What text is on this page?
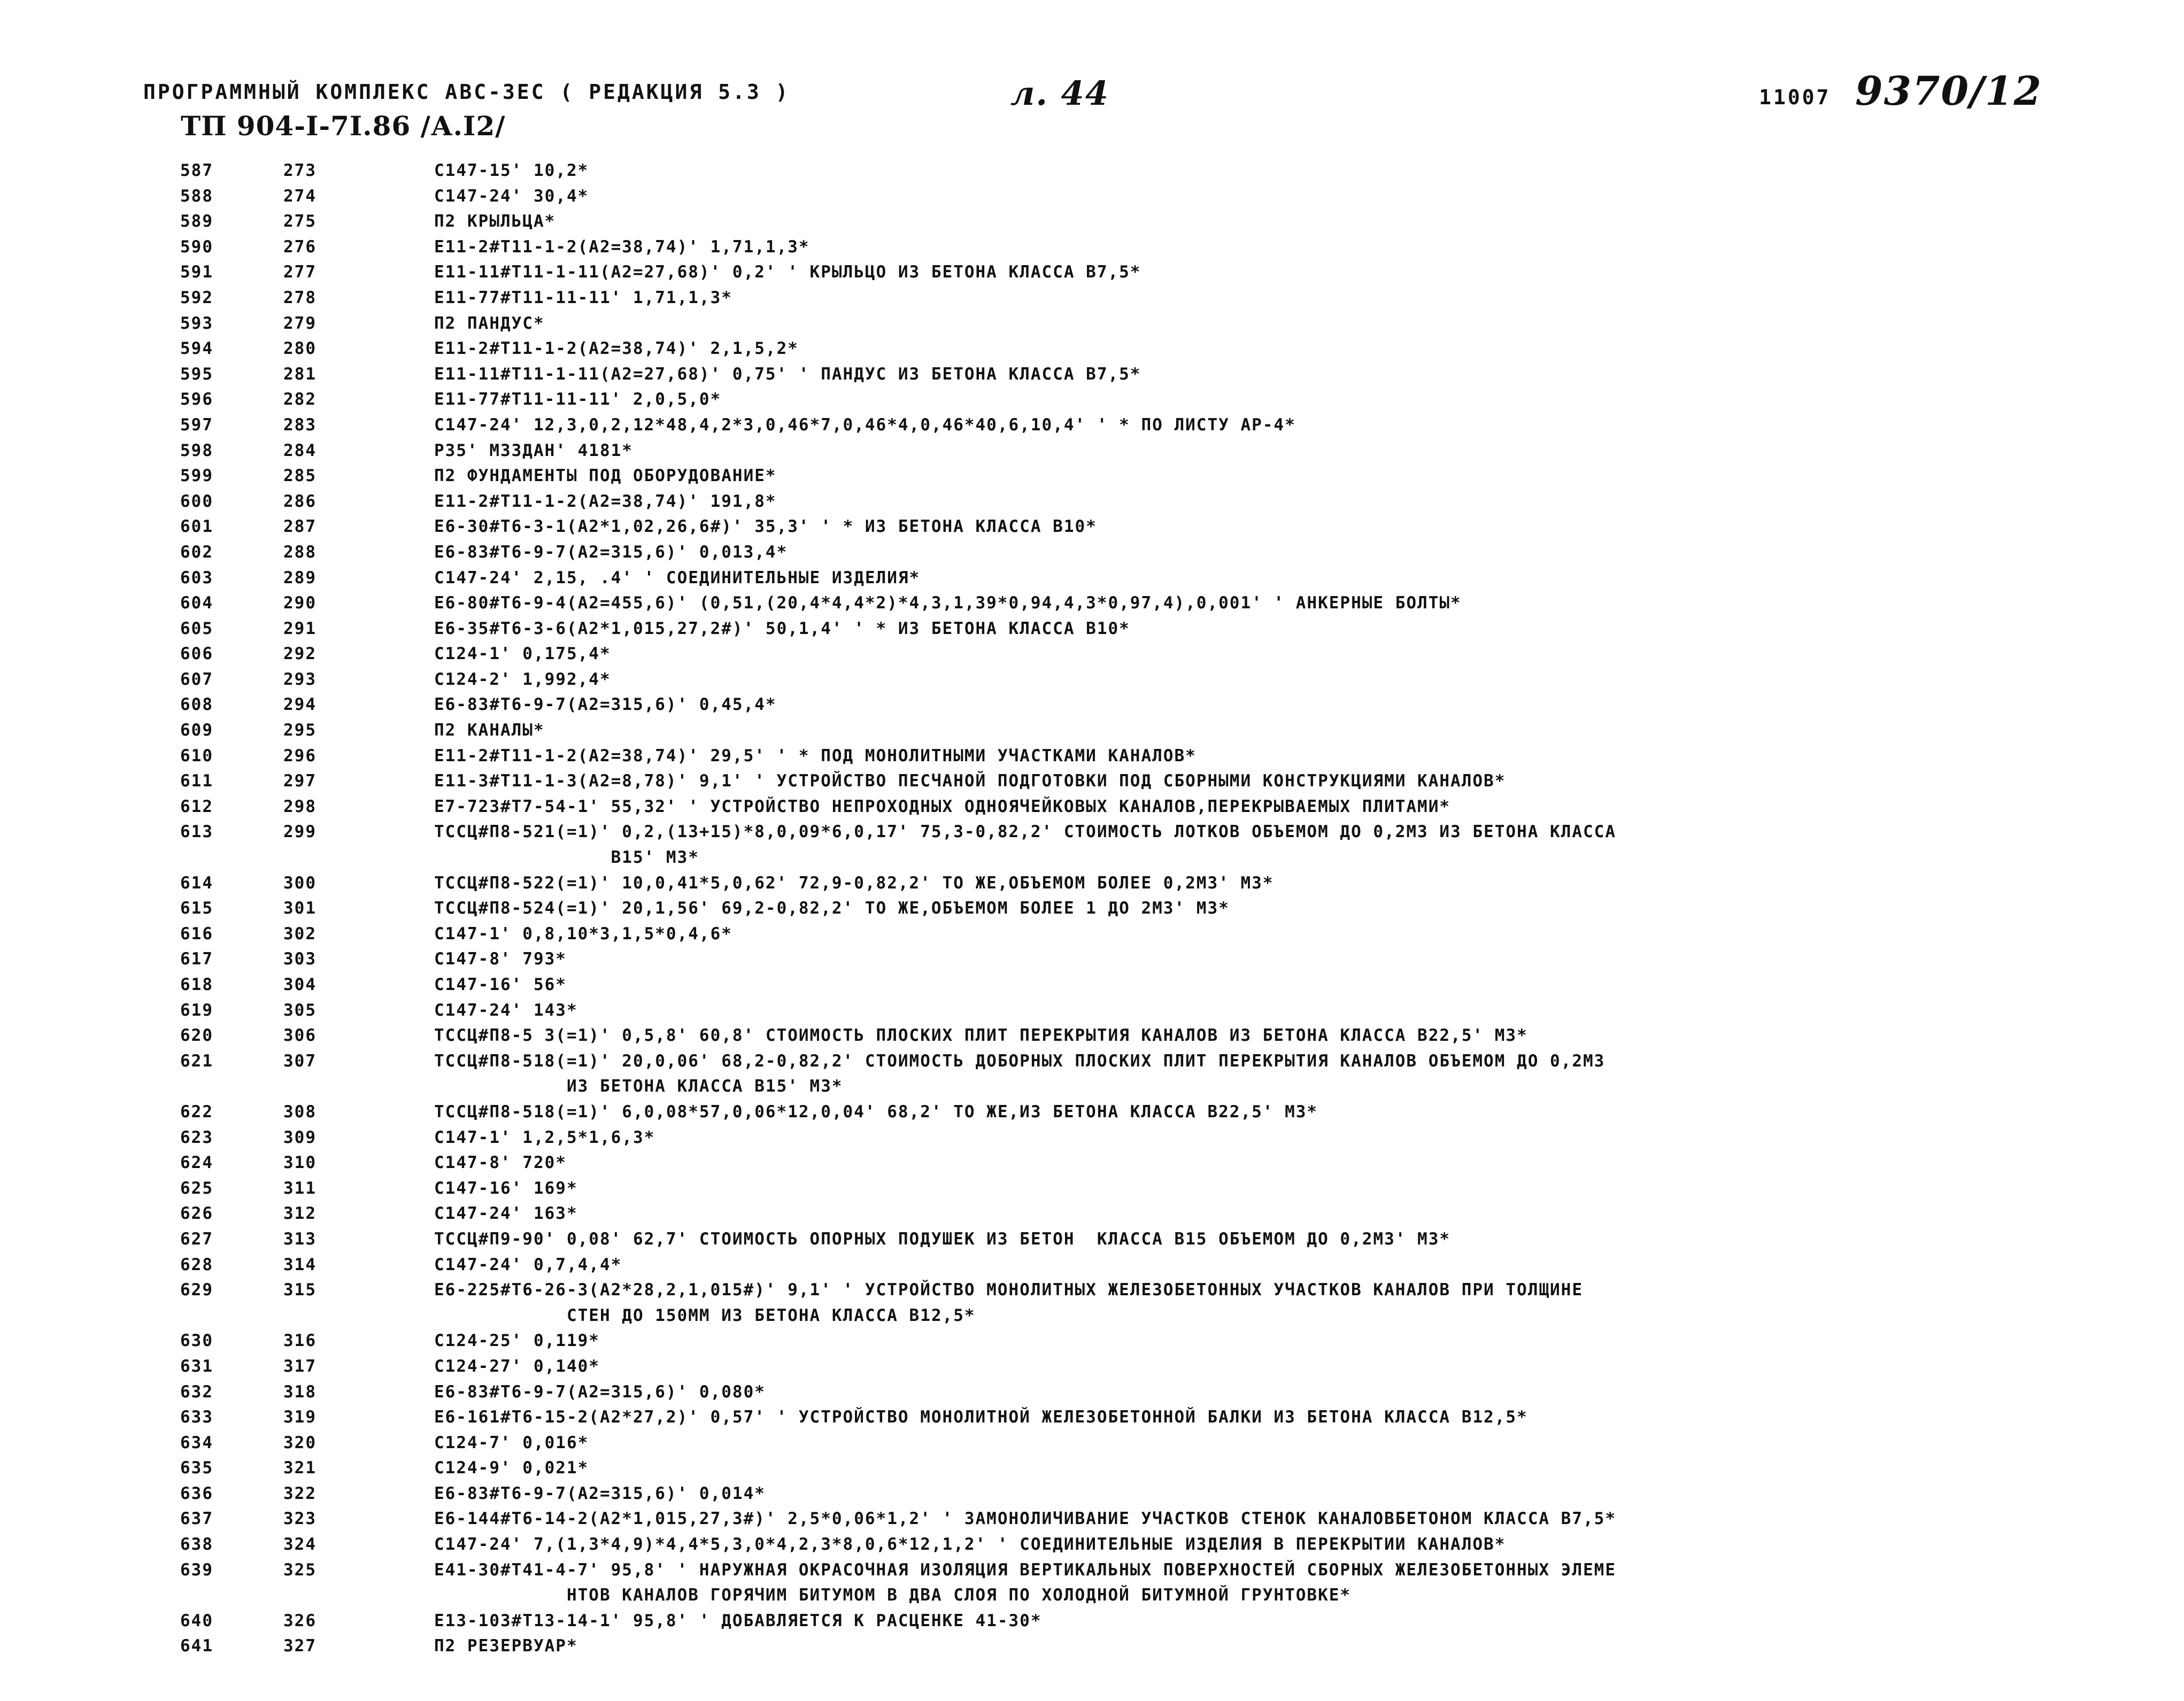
ПРОГРАММНЫЙ КОМПЛЕКС АВС-ЗЕС ( РЕДАКЦИЯ 5.3 )	л. 44	11007 9370/12
ТП 904-I-7I.86 /А.I2/
587	273	С147-15' 10,2*
588	274	С147-24' 30,4*
589	275	П2 КРЫЛЬЦА*
590	276	Е11-2#Т11-1-2(А2=38,74)' 1,71,1,3*
591	277	Е11-11#Т11-1-11(А2=27,68)' 0,2' ' КРЫЛЬЦО ИЗ БЕТОНА КЛАССА В7,5*
592	278	Е11-77#Т11-11-11' 1,71,1,3*
593	279	П2 ПАНДУС*
594	280	Е11-2#Т11-1-2(А2=38,74)' 2,1,5,2*
595	281	Е11-11#Т11-1-11(А2=27,68)' 0,75' ' ПАНДУС ИЗ БЕТОНА КЛАССА В7,5*
596	282	Е11-77#Т11-11-11' 2,0,5,0*
597	283	С147-24' 12,3,0,2,12*48,4,2*3,0,46*7,0,46*4,0,46*40,6,10,4' ' * ПО ЛИСТУ АР-4*
598	284	Р35' МЗЗДАН' 4181*
599	285	П2 ФУНДАМЕНТЫ ПОД ОБОРУДОВАНИЕ*
600	286	Е11-2#Т11-1-2(А2=38,74)' 191,8*
601	287	Е6-30#Т6-3-1(А2*1,02,26,6#)' 35,3' ' * ИЗ БЕТОНА КЛАССА В10*
602	288	Е6-83#Т6-9-7(А2=315,6)' 0,013,4*
603	289	С147-24' 2,15, .4' ' СОЕДИНИТЕЛЬНЫЕ ИЗДЕЛИЯ*
604	290	Е6-80#Т6-9-4(А2=455,6)' (0,51,(20,4*4,4*2)*4,3,1,39*0,94,4,3*0,97,4),0,001' ' АНКЕРНЫЕ БОЛТЫ*
605	291	Е6-35#Т6-3-6(А2*1,015,27,2#)' 50,1,4' ' * ИЗ БЕТОНА КЛАССА В10*
606	292	С124-1' 0,175,4*
607	293	С124-2' 1,992,4*
608	294	Е6-83#Т6-9-7(А2=315,6)' 0,45,4*
609	295	П2 КАНАЛЫ*
610	296	Е11-2#Т11-1-2(А2=38,74)' 29,5' ' * ПОД МОНОЛИТНЫМИ УЧАСТКАМИ КАНАЛОВ*
611	297	Е11-3#Т11-1-3(А2=8,78)' 9,1' ' УСТРОЙСТВО ПЕСЧАНОЙ ПОДГОТОВКИ ПОД СБОРНЫМИ КОНСТРУКЦИЯМИ КАНАЛОВ*
612	298	Е7-723#Т7-54-1' 55,32' ' УСТРОЙСТВО НЕПРОХОДНЫХ ОДНОЯЧЕЙКОВЫХ КАНАЛОВ,ПЕРЕКРЫВАЕМЫХ ПЛИТАМИ*
613	299	ТССЦ#П8-521(=1)' 0,2,(13+15)*8,0,09*6,0,17' 75,3-0,82,2' СТОИМОСТЬ ЛОТКОВ ОБЪЕМОМ ДО 0,2М3 ИЗ БЕТОНА КЛАССА
В15' М3*
614	300	ТССЦ#П8-522(=1)' 10,0,41*5,0,62' 72,9-0,82,2' ТО ЖЕ,ОБЪЕМОМ БОЛЕЕ 0,2М3' М3*
615	301	ТССЦ#П8-524(=1)' 20,1,56' 69,2-0,82,2' ТО ЖЕ,ОБЪЕМОМ БОЛЕЕ 1 ДО 2М3' М3*
616	302	С147-1' 0,8,10*3,1,5*0,4,6*
617	303	С147-8' 793*
618	304	С147-16' 56*
619	305	С147-24' 143*
620	306	ТССЦ#П8-5 3(=1)' 0,5,8' 60,8' СТОИМОСТЬ ПЛОСКИХ ПЛИТ ПЕРЕКРЫТИЯ КАНАЛОВ ИЗ БЕТОНА КЛАССА В22,5' М3*
621	307	ТССЦ#П8-518(=1)' 20,0,06' 68,2-0,82,2' СТОИМОСТЬ ДОБОРНЫХ ПЛОСКИХ ПЛИТ ПЕРЕКРЫТИЯ КАНАЛОВ ОБЪЕМОМ ДО 0,2М3
ИЗ БЕТОНА КЛАССА В15' М3*
622	308	ТССЦ#П8-518(=1)' 6,0,08*57,0,06*12,0,04' 68,2' ТО ЖЕ,ИЗ БЕТОНА КЛАССА В22,5' М3*
623	309	С147-1' 1,2,5*1,6,3*
624	310	С147-8' 720*
625	311	С147-16' 169*
626	312	С147-24' 163*
627	313	ТССЦ#П9-90' 0,08' 62,7' СТОИМОСТЬ ОПОРНЫХ ПОДУШЕК ИЗ БЕТОН  КЛАССА В15 ОБЪЕМОМ ДО 0,2М3' М3*
628	314	С147-24' 0,7,4,4*
629	315	Е6-225#Т6-26-3(А2*28,2,1,015#)' 9,1' ' УСТРОЙСТВО МОНОЛИТНЫХ ЖЕЛЕЗОБЕТОННЫХ УЧАСТКОВ КАНАЛОВ ПРИ ТОЛЩИНЕ
СТЕН ДО 150ММ ИЗ БЕТОНА КЛАССА В12,5*
630	316	С124-25' 0,119*
631	317	С124-27' 0,140*
632	318	Е6-83#Т6-9-7(А2=315,6)' 0,080*
633	319	Е6-161#Т6-15-2(А2*27,2)' 0,57' ' УСТРОЙСТВО МОНОЛИТНОЙ ЖЕЛЕЗОБЕТОННОЙ БАЛКИ ИЗ БЕТОНА КЛАССА В12,5*
634	320	С124-7' 0,016*
635	321	С124-9' 0,021*
636	322	Е6-83#Т6-9-7(А2=315,6)' 0,014*
637	323	Е6-144#Т6-14-2(А2*1,015,27,3#)' 2,5*0,06*1,2' ' ЗАМОНОЛИЧИВАНИЕ УЧАСТКОВ СТЕНОК КАНАЛОВБЕТОНОМ КЛАССА В7,5*
638	324	С147-24' 7,(1,3*4,9)*4,4*5,3,0*4,2,3*8,0,6*12,1,2' ' СОЕДИНИТЕЛЬНЫЕ ИЗДЕЛИЯ В ПЕРЕКРЫТИИ КАНАЛОВ*
639	325	Е41-30#Т41-4-7' 95,8' ' НАРУЖНАЯ ОКРАСОЧНАЯ ИЗОЛЯЦИЯ ВЕРТИКАЛЬНЫХ ПОВЕРХНОСТЕЙ СБОРНЫХ ЖЕЛЕЗОБЕТОННЫХ ЭЛЕМЕ
НТОВ КАНАЛОВ ГОРЯЧИМ БИТУМОМ В ДВА СЛОЯ ПО ХОЛОДНОЙ БИТУМНОЙ ГРУНТОВКЕ*
640	326	Е13-103#Т13-14-1' 95,8' ' ДОБАВЛЯЕТСЯ К РАСЦЕНКЕ 41-30*
641	327	П2 РЕЗЕРВУАР*
